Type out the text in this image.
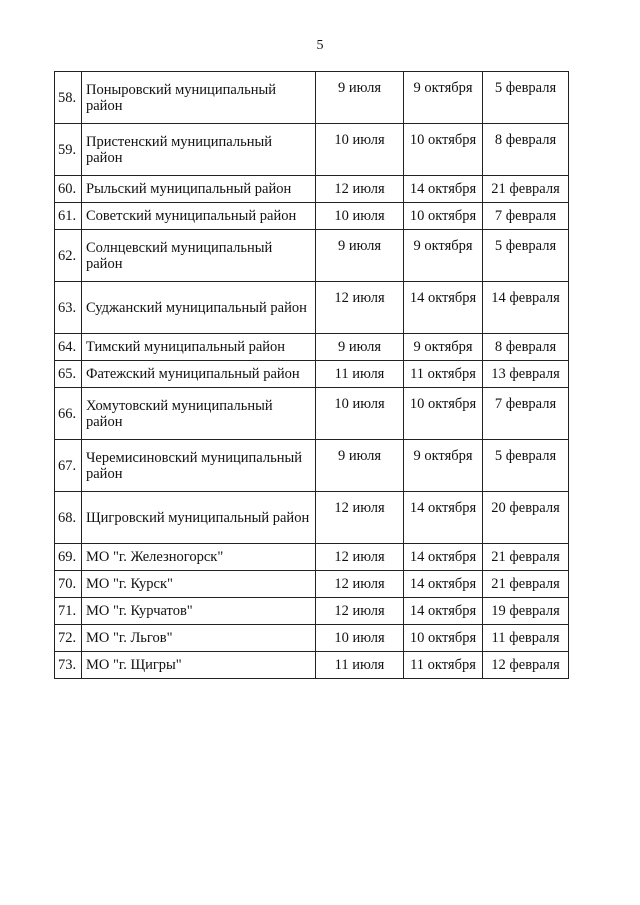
5
58.	Поныровский муниципальный район	9 июля	9 октября	5 февраля
59.	Пристенский муниципальный район	10 июля	10 октября	8 февраля
60.	Рыльский муниципальный район	12 июля	14 октября	21 февраля
61.	Советский муниципальный район	10 июля	10 октября	7 февраля
62.	Солнцевский муниципальный район	9 июля	9 октября	5 февраля
63.	Суджанский муниципальный район	12 июля	14 октября	14 февраля
64.	Тимский муниципальный район	9 июля	9 октября	8 февраля
65.	Фатежский муниципальный район	11 июля	11 октября	13 февраля
66.	Хомутовский муниципальный район	10 июля	10 октября	7 февраля
67.	Черемисиновский муниципальный район	9 июля	9 октября	5 февраля
68.	Щигровский муниципальный район	12 июля	14 октября	20 февраля
69.	МО "г. Железногорск"	12 июля	14 октября	21 февраля
70.	МО "г. Курск"	12 июля	14 октября	21 февраля
71.	МО "г. Курчатов"	12 июля	14 октября	19 февраля
72.	МО "г. Льгов"	10 июля	10 октября	11 февраля
73.	МО "г. Щигры"	11 июля	11 октября	12 февраля
